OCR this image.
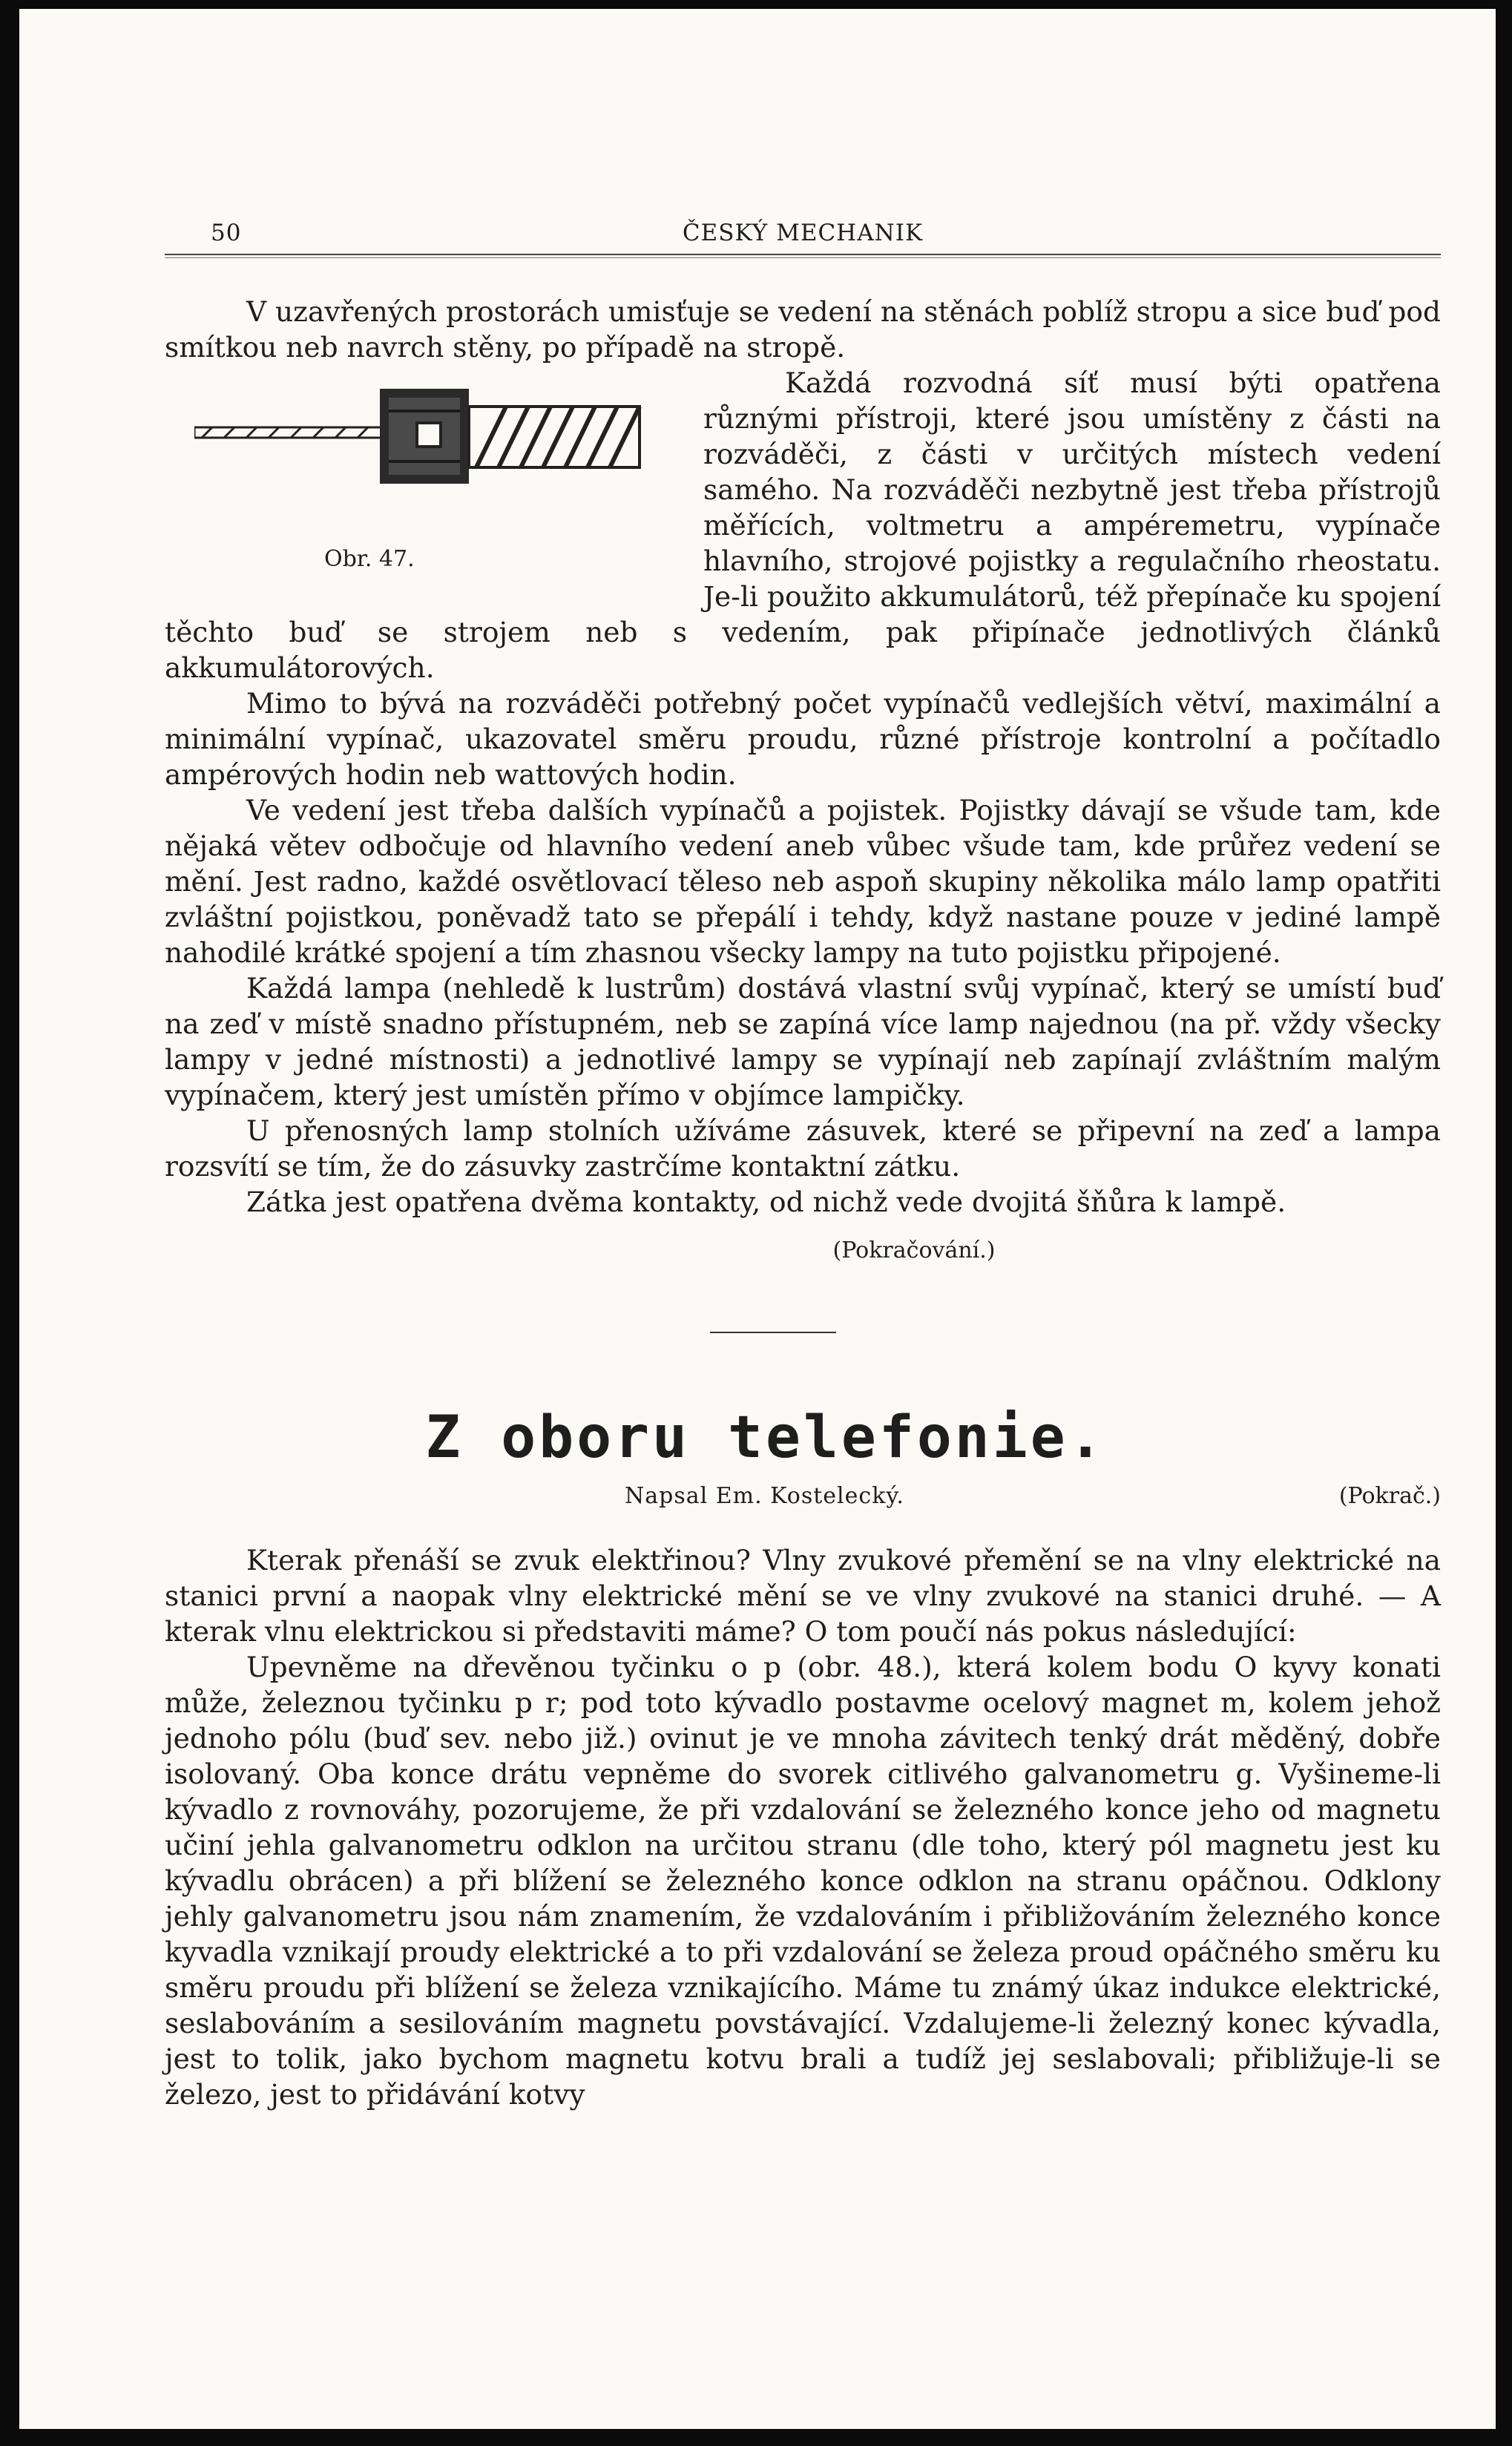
50	ČESKÝ MECHANIK

V uzavřených prostorách umisťuje se vedení na stěnách poblíž stropu a sice buď pod smítkou neb navrch stěny, po případě na stropě.

Obr. 47.

Každá rozvodná síť musí býti opatřena různými přístroji, které jsou umístěny z části na rozváděči, z části v určitých místech vedení samého. Na rozváděči nezbytně jest třeba přístrojů měřících, voltmetru a ampéremetru, vypínače hlavního, strojové pojistky a regulačního rheostatu. Je-li použito akkumulátorů, též přepínače ku spojení těchto buď se strojem neb s vedením, pak připínače jednotlivých článků akkumulátorových.

Mimo to bývá na rozváděči potřebný počet vypínačů vedlejších větví, maximální a minimální vypínač, ukazovatel směru proudu, různé přístroje kontrolní a počítadlo ampérových hodin neb wattových hodin.

Ve vedení jest třeba dalších vypínačů a pojistek. Pojistky dávají se všude tam, kde nějaká větev odbočuje od hlavního vedení aneb vůbec všude tam, kde průřez vedení se mění. Jest radno, každé osvětlovací těleso neb aspoň skupiny několika málo lamp opatřiti zvláštní pojistkou, poněvadž tato se přepálí i tehdy, když nastane pouze v jediné lampě nahodilé krátké spojení a tím zhasnou všecky lampy na tuto pojistku připojené.

Každá lampa (nehledě k lustrům) dostává vlastní svůj vypínač, který se umístí buď na zeď v místě snadno přístupném, neb se zapíná více lamp najednou (na př. vždy všecky lampy v jedné místnosti) a jednotlivé lampy se vypínají neb zapínají zvláštním malým vypínačem, který jest umístěn přímo v objímce lampičky.

U přenosných lamp stolních užíváme zásuvek, které se připevní na zeď a lampa rozsvítí se tím, že do zásuvky zastrčíme kontaktní zátku.

Zátka jest opatřena dvěma kontakty, od nichž vede dvojitá šňůra k lampě.

(Pokračování.)
Z oboru telefonie.
Napsal Em. Kostelecký.	(Pokrač.)

Kterak přenáší se zvuk elektřinou? Vlny zvukové přemění se na vlny elektrické na stanici první a naopak vlny elektrické mění se ve vlny zvukové na stanici druhé. — A kterak vlnu elektrickou si představiti máme? O tom poučí nás pokus následující:

Upevněme na dřevěnou tyčinku o p (obr. 48.), která kolem bodu O kyvy konati může, železnou tyčinku p r; pod toto kývadlo postavme ocelový magnet m, kolem jehož jednoho pólu (buď sev. nebo již.) ovinut je ve mnoha závitech tenký drát měděný, dobře isolovaný. Oba konce drátu vepněme do svorek citlivého galvanometru g. Vyšineme-li kývadlo z rovnováhy, pozorujeme, že při vzdalování se železného konce jeho od magnetu učiní jehla galvanometru odklon na určitou stranu (dle toho, který pól magnetu jest ku kývadlu obrácen) a při blížení se železného konce odklon na stranu opáčnou. Odklony jehly galvanometru jsou nám znamením, že vzdalováním i přibližováním železného konce kyvadla vznikají proudy elektrické a to při vzdalování se železa proud opáčného směru ku směru proudu při blížení se železa vznikajícího. Máme tu známý úkaz indukce elektrické, seslabováním a sesilováním magnetu povstávající. Vzdalujeme-li železný konec kývadla, jest to tolik, jako bychom magnetu kotvu brali a tudíž jej seslabovali; přibližuje-li se železo, jest to přidávání kotvy
